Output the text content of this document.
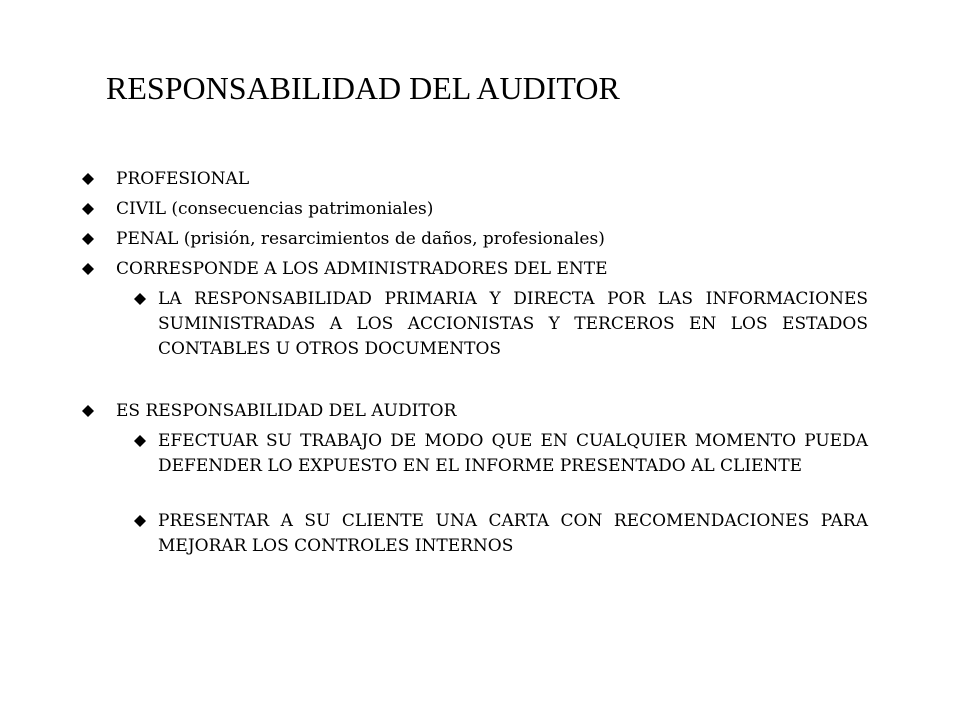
RESPONSABILIDAD DEL AUDITOR
PROFESIONAL
CIVIL (consecuencias patrimoniales)
PENAL (prisión, resarcimientos de daños, profesionales)
CORRESPONDE A LOS ADMINISTRADORES DEL ENTE
LA RESPONSABILIDAD PRIMARIA Y DIRECTA POR LAS INFORMACIONES SUMINISTRADAS A LOS ACCIONISTAS Y TERCEROS EN LOS ESTADOS CONTABLES U OTROS DOCUMENTOS
ES RESPONSABILIDAD DEL AUDITOR
EFECTUAR SU TRABAJO DE MODO QUE EN CUALQUIER MOMENTO PUEDA DEFENDER LO EXPUESTO EN EL INFORME PRESENTADO AL CLIENTE
PRESENTAR A SU CLIENTE UNA CARTA CON RECOMENDACIONES PARA MEJORAR LOS CONTROLES INTERNOS
